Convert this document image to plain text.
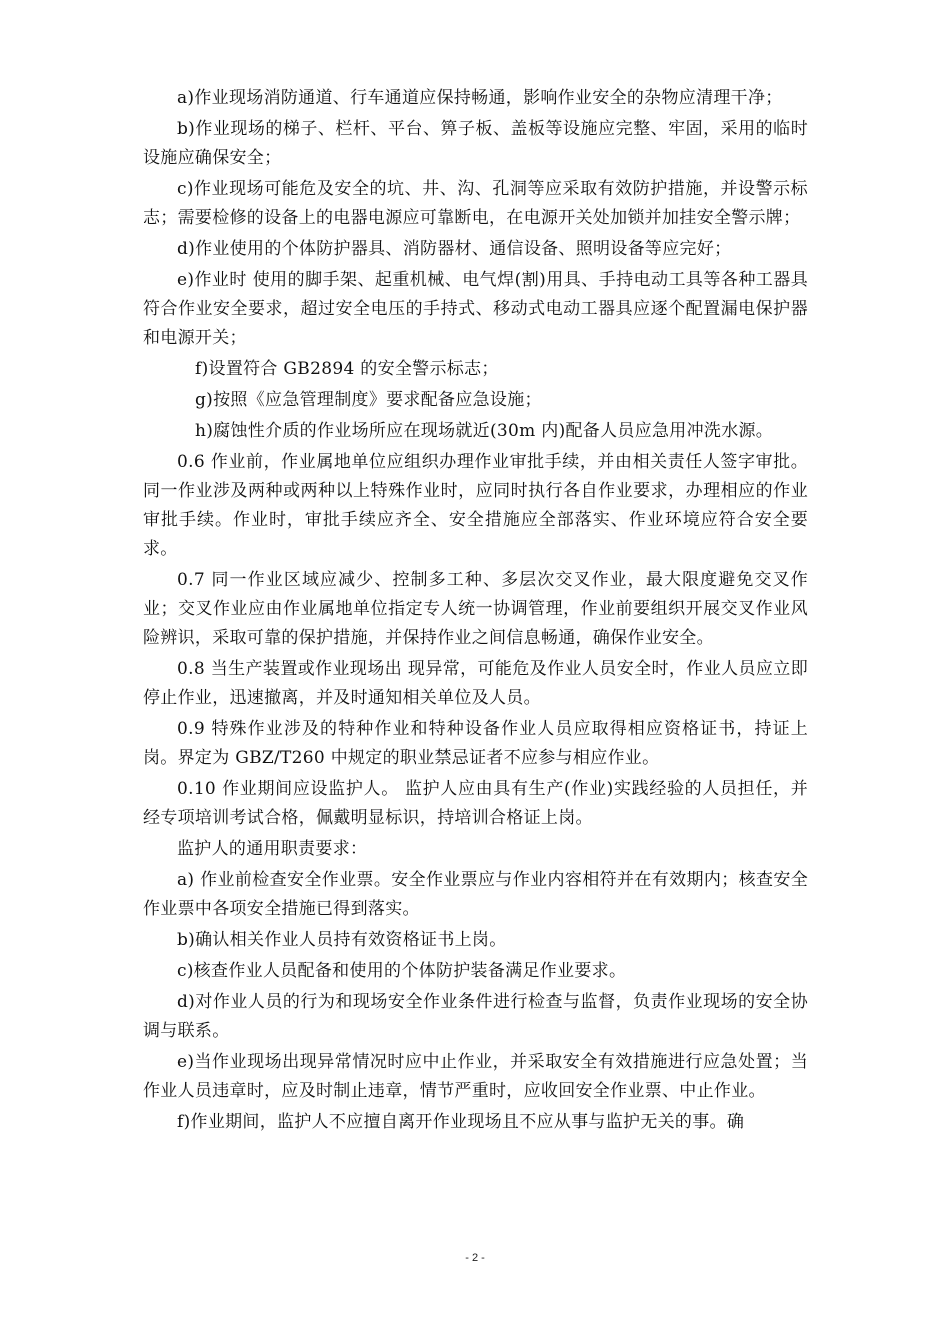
a)作业现场消防通道、行车通道应保持畅通，影响作业安全的杂物应清理干净；

b)作业现场的梯子、栏杆、平台、箅子板、盖板等设施应完整、牢固，采用的临时设施应确保安全；

c)作业现场可能危及安全的坑、井、沟、孔洞等应采取有效防护措施，并设警示标志；需要检修的设备上的电器电源应可靠断电，在电源开关处加锁并加挂安全警示牌；

d)作业使用的个体防护器具、消防器材、通信设备、照明设备等应完好；

e)作业时 使用的脚手架、起重机械、电气焊(割)用具、手持电动工具等各种工器具符合作业安全要求，超过安全电压的手持式、移动式电动工器具应逐个配置漏电保护器和电源开关；

f)设置符合 GB2894 的安全警示标志；

g)按照《应急管理制度》要求配备应急设施；

h)腐蚀性介质的作业场所应在现场就近(30m 内)配备人员应急用冲洗水源。

0.6 作业前，作业属地单位应组织办理作业审批手续，并由相关责任人签字审批。同一作业涉及两种或两种以上特殊作业时，应同时执行各自作业要求，办理相应的作业审批手续。作业时，审批手续应齐全、安全措施应全部落实、作业环境应符合安全要求。

0.7 同一作业区域应减少、控制多工种、多层次交叉作业，最大限度避免交叉作业；交叉作业应由作业属地单位指定专人统一协调管理，作业前要组织开展交叉作业风险辨识，采取可靠的保护措施，并保持作业之间信息畅通，确保作业安全。

0.8 当生产装置或作业现场出 现异常，可能危及作业人员安全时，作业人员应立即停止作业，迅速撤离，并及时通知相关单位及人员。

0.9 特殊作业涉及的特种作业和特种设备作业人员应取得相应资格证书，持证上岗。界定为 GBZ/T260 中规定的职业禁忌证者不应参与相应作业。

0.10 作业期间应设监护人。 监护人应由具有生产(作业)实践经验的人员担任，并经专项培训考试合格，佩戴明显标识，持培训合格证上岗。

监护人的通用职责要求：

a) 作业前检查安全作业票。安全作业票应与作业内容相符并在有效期内；核查安全作业票中各项安全措施已得到落实。

b)确认相关作业人员持有效资格证书上岗。

c)核查作业人员配备和使用的个体防护装备满足作业要求。

d)对作业人员的行为和现场安全作业条件进行检查与监督，负责作业现场的安全协调与联系。

e)当作业现场出现异常情况时应中止作业，并采取安全有效措施进行应急处置；当作业人员违章时，应及时制止违章，情节严重时，应收回安全作业票、中止作业。

f)作业期间，监护人不应擅自离开作业现场且不应从事与监护无关的事。确

- 2 -
